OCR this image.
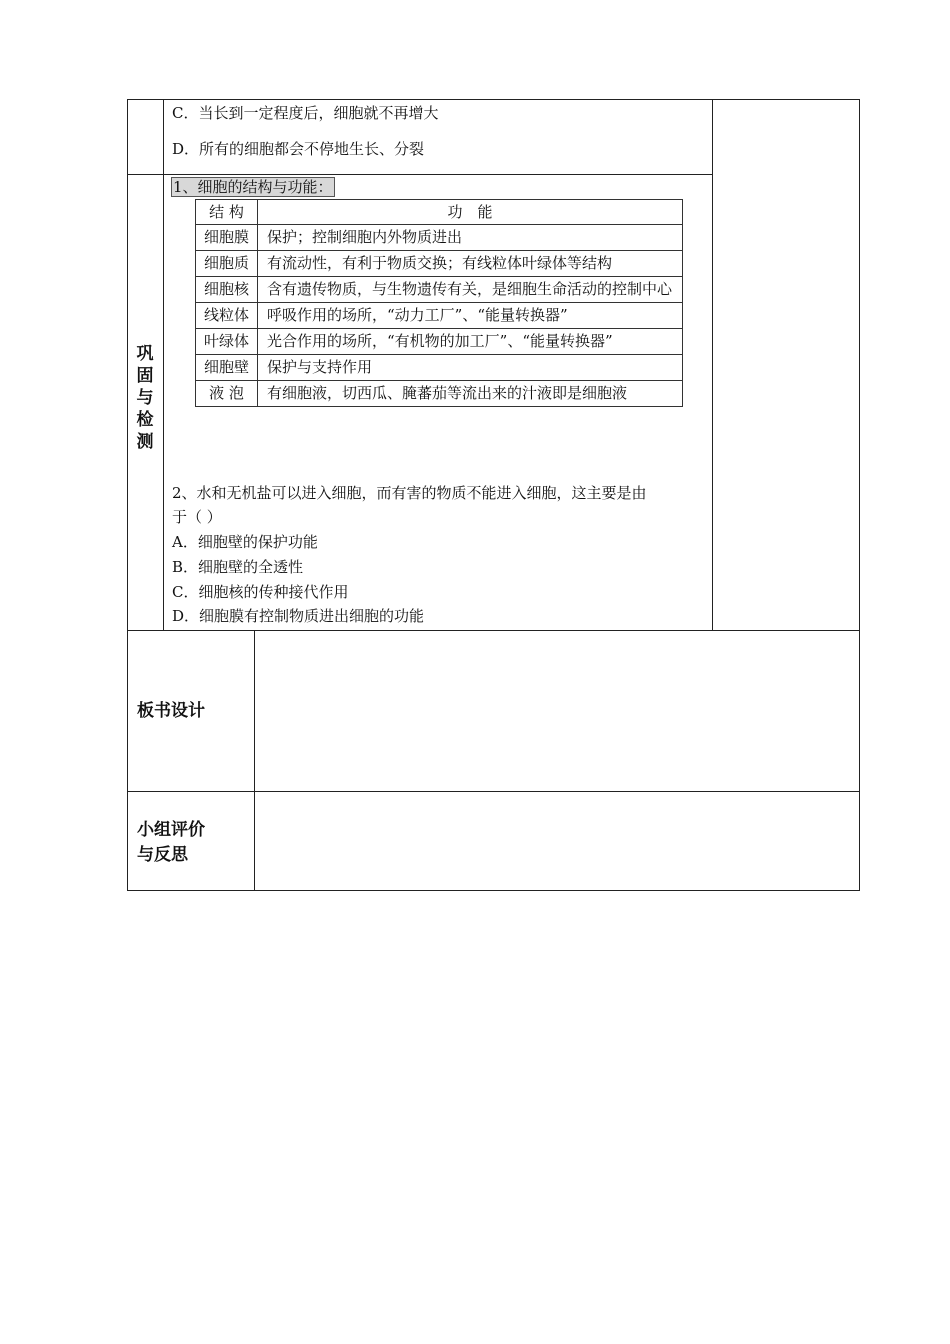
C．当长到一定程度后，细胞就不再增大
D．所有的细胞都会不停地生长、分裂
巩
固
与
检
测
1、细胞的结构与功能：
结 构	功　能
细胞膜	保护；控制细胞内外物质进出
细胞质	有流动性，有利于物质交换；有线粒体叶绿体等结构
细胞核	含有遗传物质，与生物遗传有关，是细胞生命活动的控制中心
线粒体	呼吸作用的场所，“动力工厂”、“能量转换器”
叶绿体	光合作用的场所，“有机物的加工厂”、“能量转换器”
细胞壁	保护与支持作用
液 泡	有细胞液，切西瓜、腌蕃茄等流出来的汁液即是细胞液
2、水和无机盐可以进入细胞，而有害的物质不能进入细胞，这主要是由
于（ ）
A．细胞壁的保护功能
B．细胞壁的全透性
C．细胞核的传种接代作用
D．细胞膜有控制物质进出细胞的功能
板书设计
小组评价
与反思
